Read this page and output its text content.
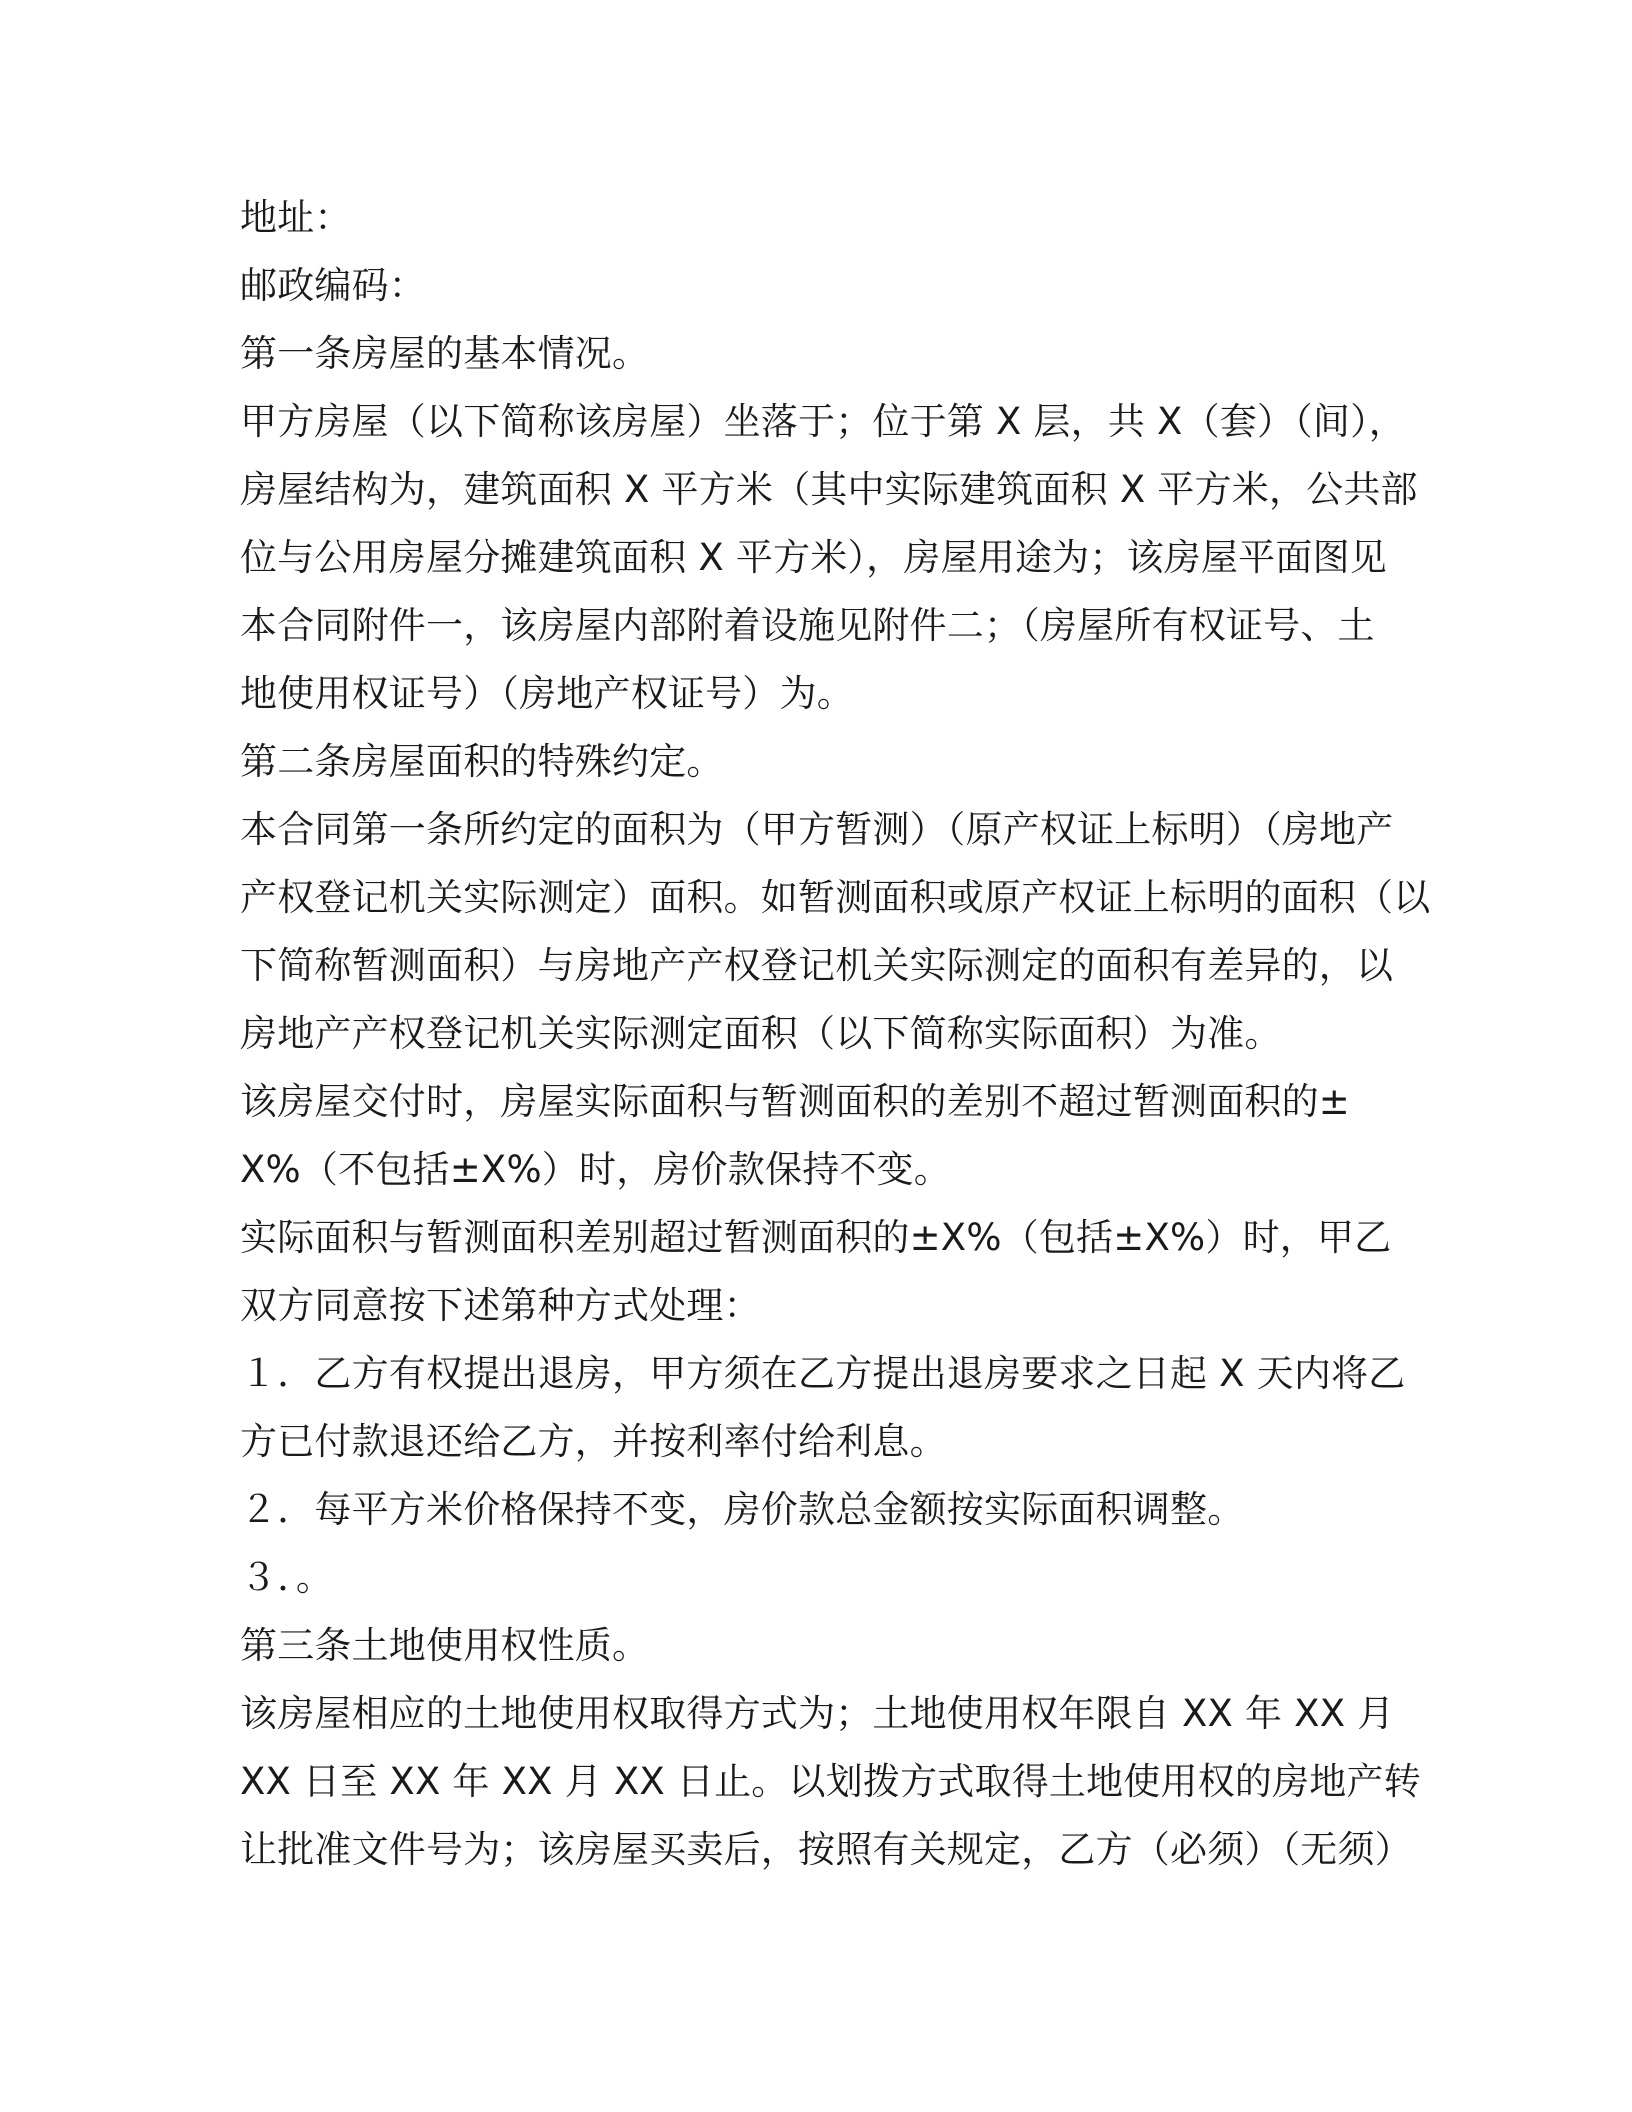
地址：
邮政编码：
第一条房屋的基本情况。
甲方房屋（以下简称该房屋）坐落于；位于第 X 层，共 X（套）（间），
房屋结构为，建筑面积 X 平方米（其中实际建筑面积 X 平方米，公共部
位与公用房屋分摊建筑面积 X 平方米），房屋用途为；该房屋平面图见
本合同附件一，该房屋内部附着设施见附件二；（房屋所有权证号、土
地使用权证号）（房地产权证号）为。
第二条房屋面积的特殊约定。
本合同第一条所约定的面积为（甲方暂测）（原产权证上标明）（房地产
产权登记机关实际测定）面积。如暂测面积或原产权证上标明的面积（以
下简称暂测面积）与房地产产权登记机关实际测定的面积有差异的，以
房地产产权登记机关实际测定面积（以下简称实际面积）为准。
该房屋交付时，房屋实际面积与暂测面积的差别不超过暂测面积的±
X%（不包括±X%）时，房价款保持不变。
实际面积与暂测面积差别超过暂测面积的±X%（包括±X%）时，甲乙
双方同意按下述第种方式处理：
１．乙方有权提出退房，甲方须在乙方提出退房要求之日起 X 天内将乙
方已付款退还给乙方，并按利率付给利息。
２．每平方米价格保持不变，房价款总金额按实际面积调整。
３．。
第三条土地使用权性质。
该房屋相应的土地使用权取得方式为；土地使用权年限自 XX 年 XX 月
XX 日至 XX 年 XX 月 XX 日止。以划拨方式取得土地使用权的房地产转
让批准文件号为；该房屋买卖后，按照有关规定，乙方（必须）（无须）
